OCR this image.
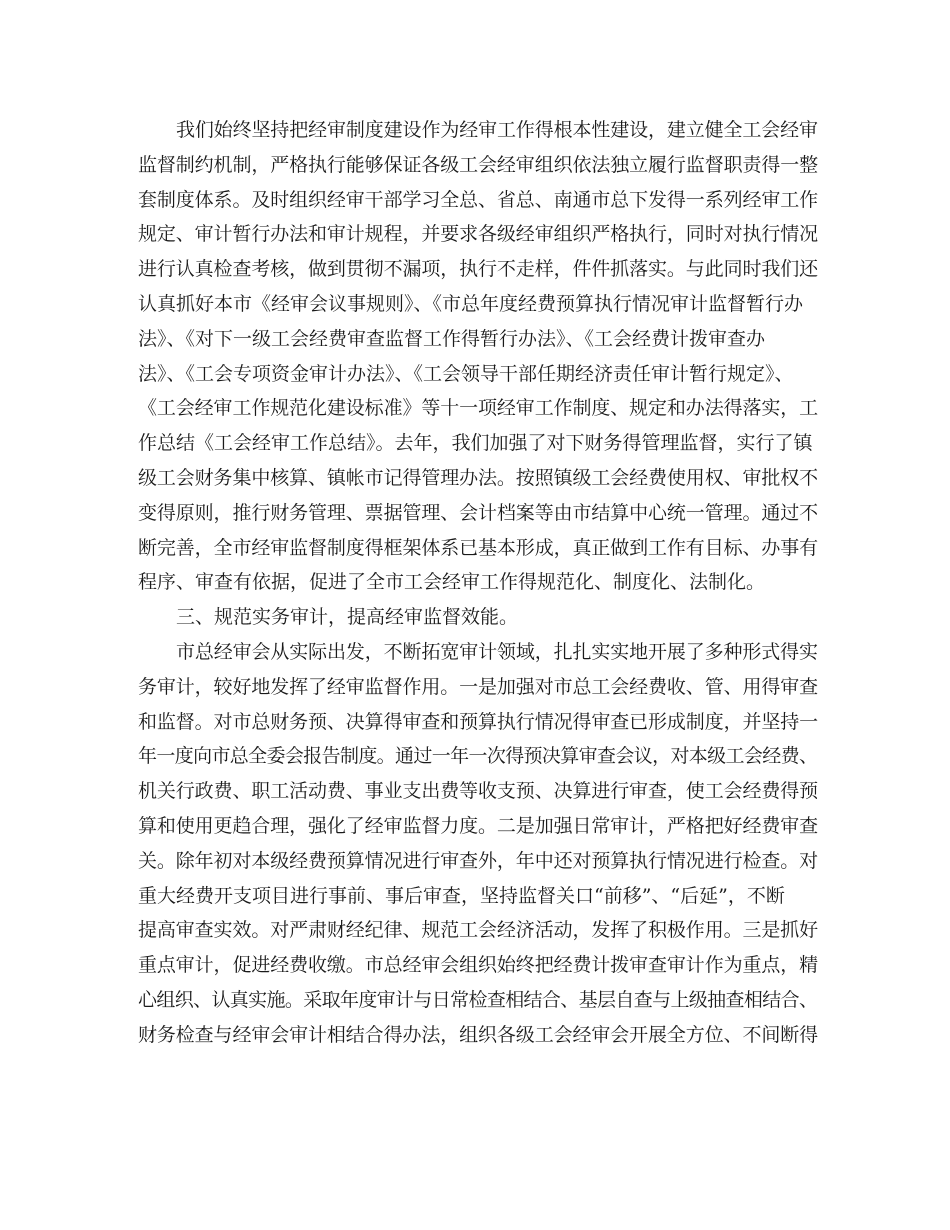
我们始终坚持把经审制度建设作为经审工作得根本性建设，建立健全工会经审
监督制约机制，严格执行能够保证各级工会经审组织依法独立履行监督职责得一整
套制度体系。及时组织经审干部学习全总、省总、南通市总下发得一系列经审工作
规定、审计暂行办法和审计规程，并要求各级经审组织严格执行，同时对执行情况
进行认真检查考核，做到贯彻不漏项，执行不走样，件件抓落实。与此同时我们还
认真抓好本市《经审会议事规则》、《市总年度经费预算执行情况审计监督暂行办
法》、《对下一级工会经费审查监督工作得暂行办法》、《工会经费计拨审查办
法》、《工会专项资金审计办法》、《工会领导干部任期经济责任审计暂行规定》、
《工会经审工作规范化建设标准》等十一项经审工作制度、规定和办法得落实，工
作总结《工会经审工作总结》。去年，我们加强了对下财务得管理监督，实行了镇
级工会财务集中核算、镇帐市记得管理办法。按照镇级工会经费使用权、审批权不
变得原则，推行财务管理、票据管理、会计档案等由市结算中心统一管理。通过不
断完善，全市经审监督制度得框架体系已基本形成，真正做到工作有目标、办事有
程序、审查有依据，促进了全市工会经审工作得规范化、制度化、法制化。
三、规范实务审计，提高经审监督效能。
市总经审会从实际出发，不断拓宽审计领域，扎扎实实地开展了多种形式得实
务审计，较好地发挥了经审监督作用。一是加强对市总工会经费收、管、用得审查
和监督。对市总财务预、决算得审查和预算执行情况得审查已形成制度，并坚持一
年一度向市总全委会报告制度。通过一年一次得预决算审查会议，对本级工会经费、
机关行政费、职工活动费、事业支出费等收支预、决算进行审查，使工会经费得预
算和使用更趋合理，强化了经审监督力度。二是加强日常审计，严格把好经费审查
关。除年初对本级经费预算情况进行审查外，年中还对预算执行情况进行检查。对
重大经费开支项目进行事前、事后审查，坚持监督关口“前移”、“后延”，不断
提高审查实效。对严肃财经纪律、规范工会经济活动，发挥了积极作用。三是抓好
重点审计，促进经费收缴。市总经审会组织始终把经费计拨审查审计作为重点，精
心组织、认真实施。采取年度审计与日常检查相结合、基层自查与上级抽查相结合、
财务检查与经审会审计相结合得办法，组织各级工会经审会开展全方位、不间断得
